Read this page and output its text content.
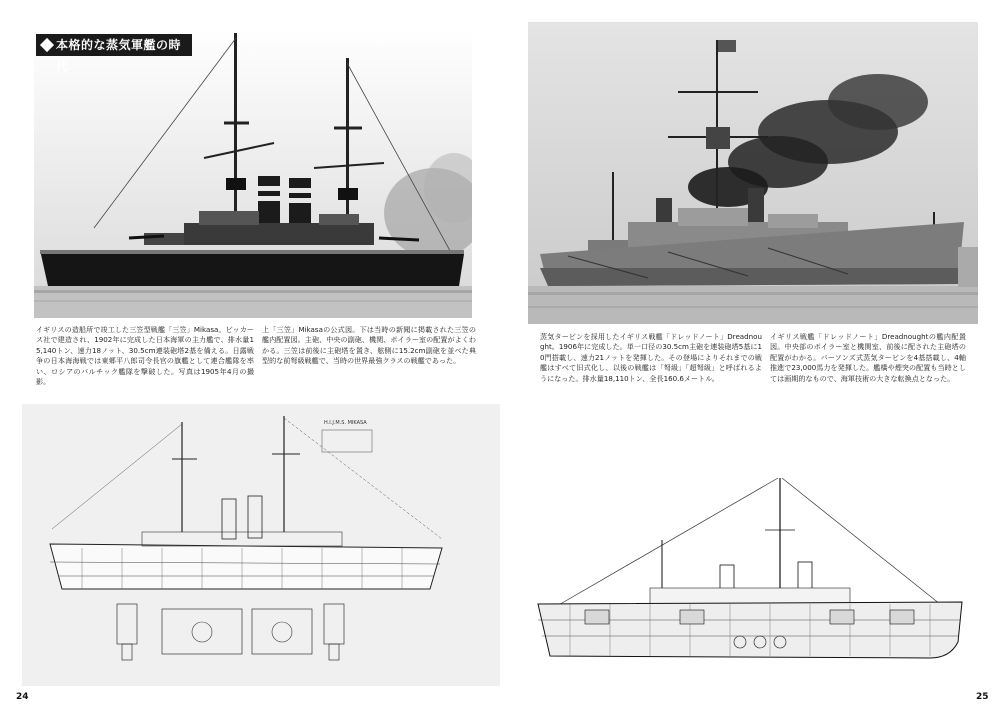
本格的な蒸気軍艦の時代
イギリスの造船所で竣工した三笠型戦艦「三笠」Mikasa。ビッカース社で建造され、1902年に完成した日本海軍の主力艦で、排水量15,140トン、速力18ノット、30.5cm連装砲塔2基を備える。日露戦争の日本海海戦では東郷平八郎司令長官の旗艦として連合艦隊を率い、ロシアのバルチック艦隊を撃破した。写真は1905年4月の撮影。
上「三笠」Mikasaの公式図。下は当時の新聞に掲載された三笠の艦内配置図。主砲、中央の副砲、機関、ボイラー室の配置がよくわかる。三笠は前後に主砲塔を置き、舷側に15.2cm副砲を並べた典型的な前弩級戦艦で、当時の世界最強クラスの戦艦であった。
蒸気タービンを採用したイギリス戦艦「ドレッドノート」Dreadnought。1906年に完成した。単一口径の30.5cm主砲を連装砲塔5基に10門搭載し、速力21ノットを発揮した。その登場によりそれまでの戦艦はすべて旧式化し、以後の戦艦は「弩級」「超弩級」と呼ばれるようになった。排水量18,110トン、全長160.6メートル。
イギリス戦艦「ドレッドノート」Dreadnoughtの艦内配置図。中央部のボイラー室と機関室、前後に配された主砲塔の配置がわかる。パーソンズ式蒸気タービンを4基搭載し、4軸推進で23,000馬力を発揮した。艦橋や煙突の配置も当時としては画期的なもので、海軍技術の大きな転換点となった。
H.I.J.M.S. MIKASA
24	25
